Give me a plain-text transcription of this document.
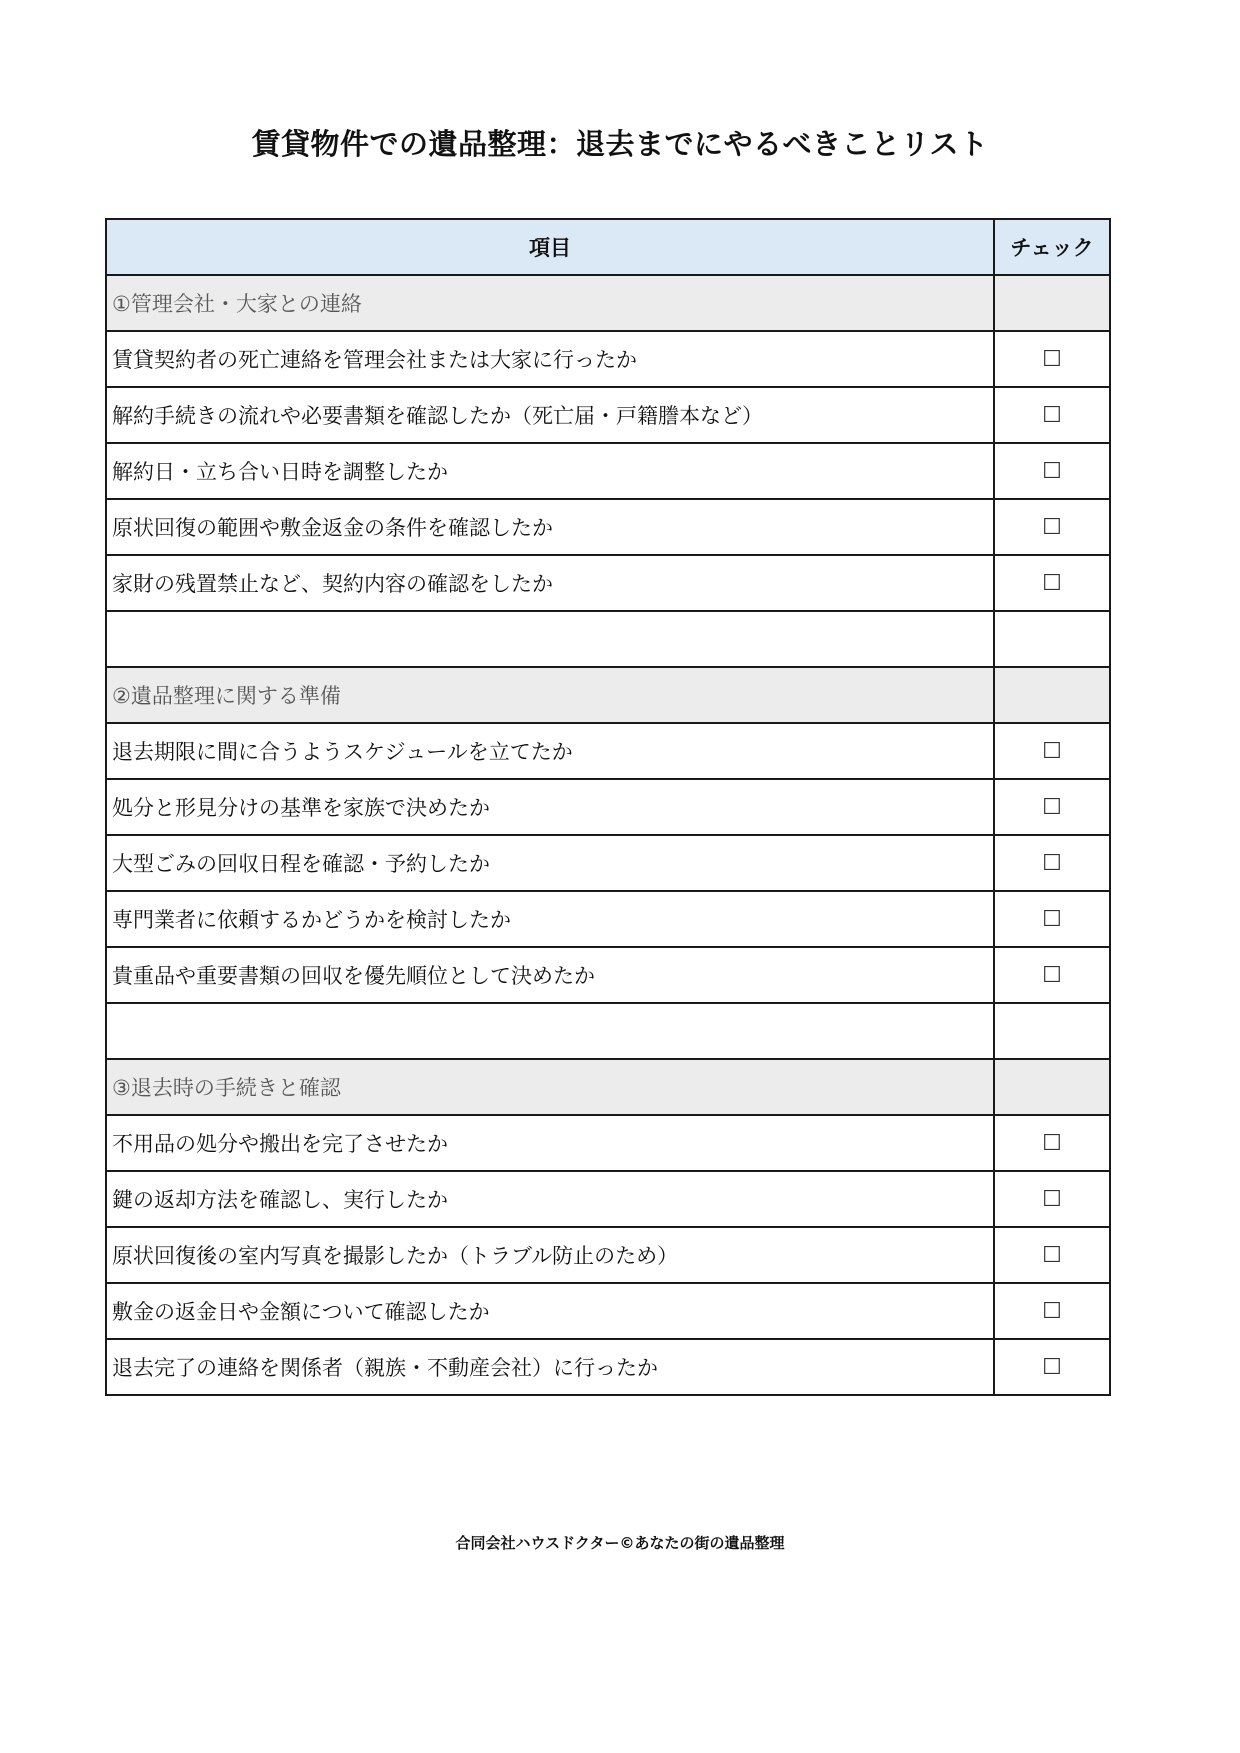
賃貸物件での遺品整理：退去までにやるべきことリスト
項目	チェック
①管理会社・大家との連絡	
賃貸契約者の死亡連絡を管理会社または大家に行ったか	☐
解約手続きの流れや必要書類を確認したか（死亡届・戸籍謄本など）	☐
解約日・立ち合い日時を調整したか	☐
原状回復の範囲や敷金返金の条件を確認したか	☐
家財の残置禁止など、契約内容の確認をしたか	☐

②遺品整理に関する準備	
退去期限に間に合うようスケジュールを立てたか	☐
処分と形見分けの基準を家族で決めたか	☐
大型ごみの回収日程を確認・予約したか	☐
専門業者に依頼するかどうかを検討したか	☐
貴重品や重要書類の回収を優先順位として決めたか	☐

③退去時の手続きと確認	
不用品の処分や搬出を完了させたか	☐
鍵の返却方法を確認し、実行したか	☐
原状回復後の室内写真を撮影したか（トラブル防止のため）	☐
敷金の返金日や金額について確認したか	☐
退去完了の連絡を関係者（親族・不動産会社）に行ったか	☐
合同会社ハウスドクター©あなたの街の遺品整理
